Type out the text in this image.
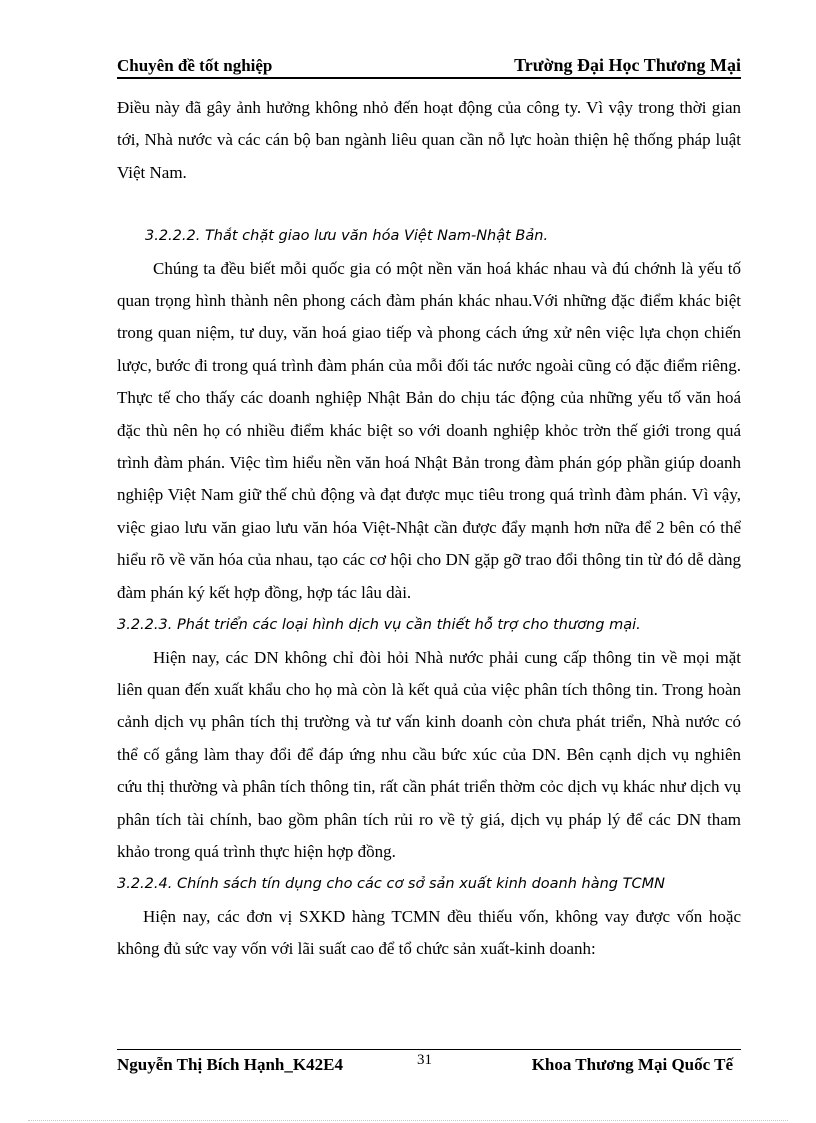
Chuyên đề tốt nghiệp	Trường Đại Học Thương Mại

Điều này đã gây ảnh hưởng không nhỏ đến hoạt động của công ty. Vì vậy trong thời gian tới, Nhà nước và các cán bộ ban ngành liêu quan cần nỗ lực hoàn thiện hệ thống pháp luật Việt Nam.

3.2.2.2. Thắt chặt giao lưu văn hóa Việt Nam-Nhật Bản.

Chúng ta đều biết mỗi quốc gia có một nền văn hoá khác nhau và đú chớnh là yếu tố quan trọng hình thành nên phong cách đàm phán khác nhau.Với những đặc điểm khác biệt trong quan niệm, tư duy, văn hoá giao tiếp và phong cách ứng xử nên việc lựa chọn chiến lược, bước đi trong quá trình đàm phán của mỗi đối tác nước ngoài cũng có đặc điểm riêng. Thực tế cho thấy các doanh nghiệp Nhật Bản do chịu tác động của những yếu tố văn hoá đặc thù nên họ có nhiều điểm khác biệt so với doanh nghiệp khỏc trờn thế giới trong quá trình đàm phán. Việc tìm hiểu nền văn hoá Nhật Bản trong đàm phán góp phần giúp doanh nghiệp Việt Nam giữ thế chủ động và đạt được mục tiêu trong quá trình đàm phán. Vì vậy, việc giao lưu văn giao lưu văn hóa Việt-Nhật cần được đẩy mạnh hơn nữa để 2 bên có thể hiểu rõ về văn hóa của nhau, tạo các cơ hội cho DN gặp gỡ trao đổi thông tin từ đó dễ dàng đàm phán ký kết hợp đồng, hợp tác lâu dài.

3.2.2.3. Phát triển các loại hình dịch vụ cần thiết hỗ trợ cho thương mại.

Hiện nay, các DN không chỉ đòi hỏi Nhà nước phải cung cấp thông tin về mọi mặt liên quan đến xuất khẩu cho họ mà còn là kết quả của việc phân tích thông tin. Trong hoàn cảnh dịch vụ phân tích thị trường và tư vấn kinh doanh còn chưa phát triển, Nhà nước có thể cố gắng làm thay đổi để đáp ứng nhu cầu bức xúc của DN. Bên cạnh dịch vụ nghiên cứu thị thường và phân tích thông tin, rất cần phát triển thờm cỏc dịch vụ khác như dịch vụ phân tích tài chính, bao gồm phân tích rủi ro về tỷ giá, dịch vụ pháp lý để các DN tham khảo trong quá trình thực hiện hợp đồng.

3.2.2.4. Chính sách tín dụng cho các cơ sở sản xuất kinh doanh hàng TCMN

Hiện nay, các đơn vị SXKD hàng TCMN đều thiếu vốn, không vay được vốn hoặc không đủ sức vay vốn với lãi suất cao để tổ chức sản xuất-kinh doanh:

Nguyễn Thị Bích Hạnh_K42E4	31	Khoa Thương Mại Quốc Tế
